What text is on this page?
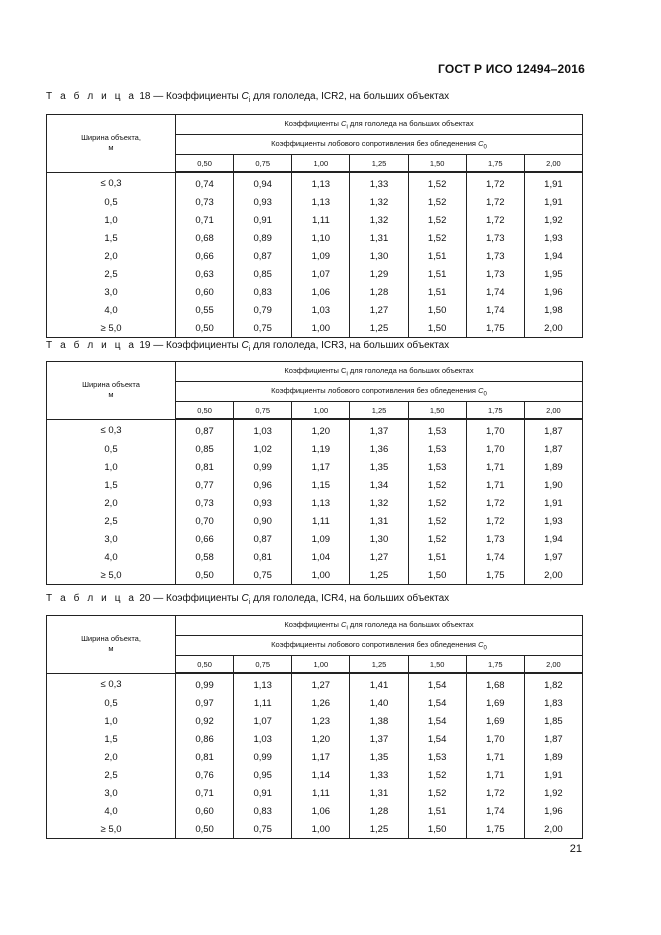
ГОСТ Р ИСО 12494–2016
Т а б л и ц а 18 — Коэффициенты $C_i$ для гололеда, ICR2, на больших объектах
Ширина объекта,
м	Коэффициенты $C_i$ для гололеда на больших объектах						
	Коэффициенты лобового сопротивления без обледенения $C_0$
	0,50	0,75	1,00	1,25	1,50	1,75	2,00
≤ 0,3	0,74	0,94	1,13	1,33	1,52	1,72	1,91
0,5	0,73	0,93	1,13	1,32	1,52	1,72	1,91
1,0	0,71	0,91	1,11	1,32	1,52	1,72	1,92
1,5	0,68	0,89	1,10	1,31	1,52	1,73	1,93
2,0	0,66	0,87	1,09	1,30	1,51	1,73	1,94
2,5	0,63	0,85	1,07	1,29	1,51	1,73	1,95
3,0	0,60	0,83	1,06	1,28	1,51	1,74	1,96
4,0	0,55	0,79	1,03	1,27	1,50	1,74	1,98
≥ 5,0	0,50	0,75	1,00	1,25	1,50	1,75	2,00
Т а б л и ц а 19 — Коэффициенты $C_i$ для гололеда, ICR3, на больших объектах
Ширина объекта
м	Коэффициенты $C_i$ для гололеда на больших объектах						
	Коэффициенты лобового сопротивления без обледенения $C_0$
	0,50	0,75	1,00	1,25	1,50	1,75	2,00
≤ 0,3	0,87	1,03	1,20	1,37	1,53	1,70	1,87
0,5	0,85	1,02	1,19	1,36	1,53	1,70	1,87
1,0	0,81	0,99	1,17	1,35	1,53	1,71	1,89
1,5	0,77	0,96	1,15	1,34	1,52	1,71	1,90
2,0	0,73	0,93	1,13	1,32	1,52	1,72	1,91
2,5	0,70	0,90	1,11	1,31	1,52	1,72	1,93
3,0	0,66	0,87	1,09	1,30	1,52	1,73	1,94
4,0	0,58	0,81	1,04	1,27	1,51	1,74	1,97
≥ 5,0	0,50	0,75	1,00	1,25	1,50	1,75	2,00
Т а б л и ц а 20 — Коэффициенты $C_i$ для гололеда, ICR4, на больших объектах
Ширина объекта,
м	Коэффициенты $C_i$ для гололеда на больших объектах						
	Коэффициенты лобового сопротивления без обледенения $C_0$
	0,50	0,75	1,00	1,25	1,50	1,75	2,00
≤ 0,3	0,99	1,13	1,27	1,41	1,54	1,68	1,82
0,5	0,97	1,11	1,26	1,40	1,54	1,69	1,83
1,0	0,92	1,07	1,23	1,38	1,54	1,69	1,85
1,5	0,86	1,03	1,20	1,37	1,54	1,70	1,87
2,0	0,81	0,99	1,17	1,35	1,53	1,71	1,89
2,5	0,76	0,95	1,14	1,33	1,52	1,71	1,91
3,0	0,71	0,91	1,11	1,31	1,52	1,72	1,92
4,0	0,60	0,83	1,06	1,28	1,51	1,74	1,96
≥ 5,0	0,50	0,75	1,00	1,25	1,50	1,75	2,00
21
